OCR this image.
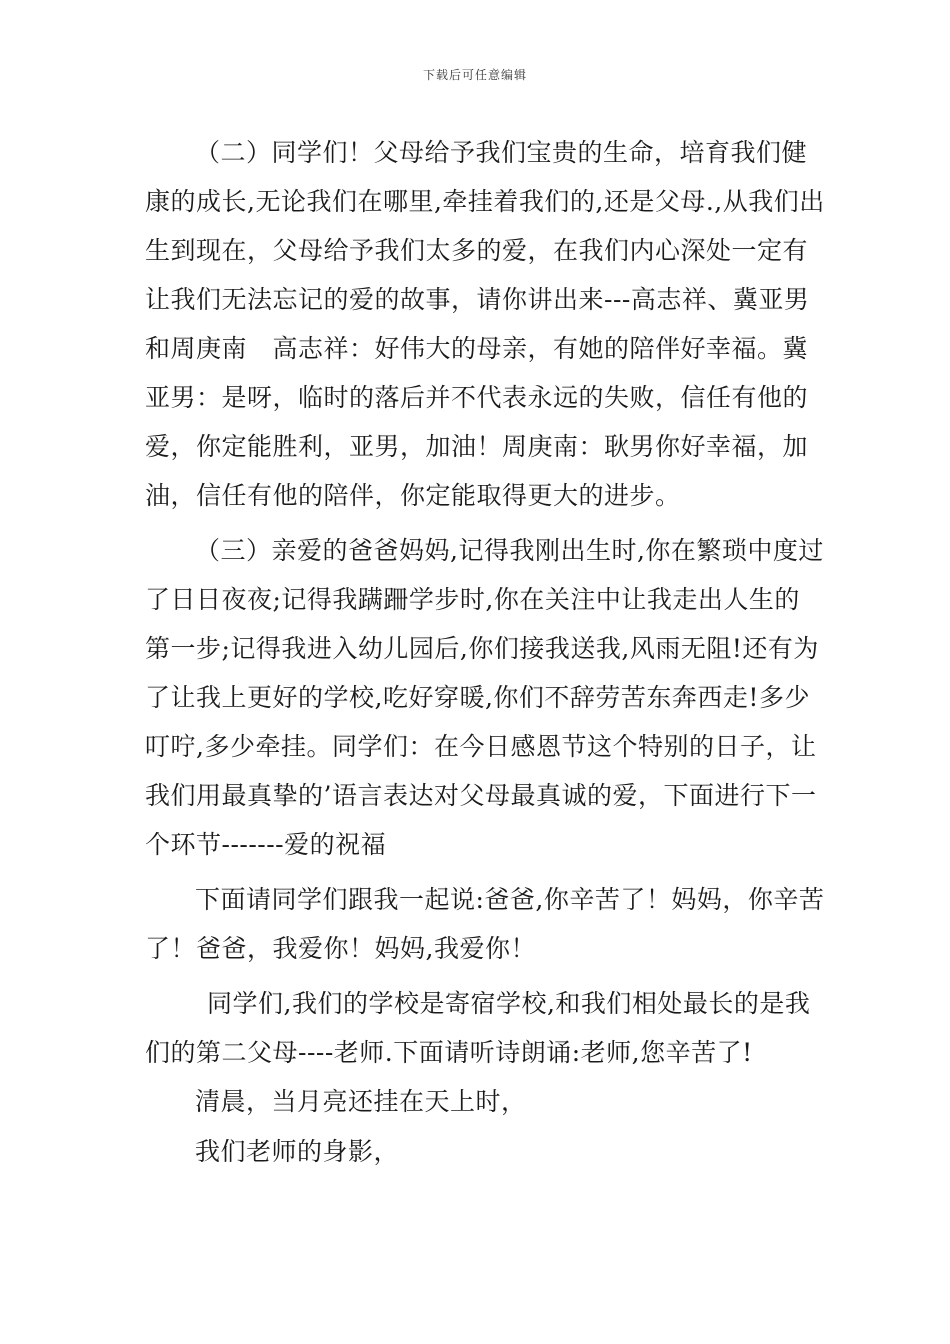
下载后可任意编辑

（二）同学们！父母给予我们宝贵的生命，培育我们健康的成长,无论我们在哪里,牵挂着我们的,还是父母.,从我们出生到现在，父母给予我们太多的爱，在我们内心深处一定有让我们无法忘记的爱的故事，请你讲出来---高志祥、冀亚男　和周庚南　高志祥：好伟大的母亲，有她的陪伴好幸福。冀亚男：是呀，临时的落后并不代表永远的失败，信任有他的爱，你定能胜利，亚男，加油！周庚南：耿男你好幸福，加油，信任有他的陪伴，你定能取得更大的进步。

（三）亲爱的爸爸妈妈,记得我刚出生时,你在繁琐中度过了日日夜夜;记得我蹒跚学步时,你在关注中让我走出人生的第一步;记得我进入幼儿园后,你们接我送我,风雨无阻!还有为了让我上更好的学校,吃好穿暖,你们不辞劳苦东奔西走!多少叮咛,多少牵挂。同学们：在今日感恩节这个特别的日子，让我们用最真挚的’语言表达对父母最真诚的爱，下面进行下一个环节-------爱的祝福

下面请同学们跟我一起说:爸爸,你辛苦了！妈妈，你辛苦了！爸爸，我爱你！妈妈,我爱你！

同学们,我们的学校是寄宿学校,和我们相处最长的是我们的第二父母----老师.下面请听诗朗诵:老师,您辛苦了!

清晨，当月亮还挂在天上时，

我们老师的身影，
